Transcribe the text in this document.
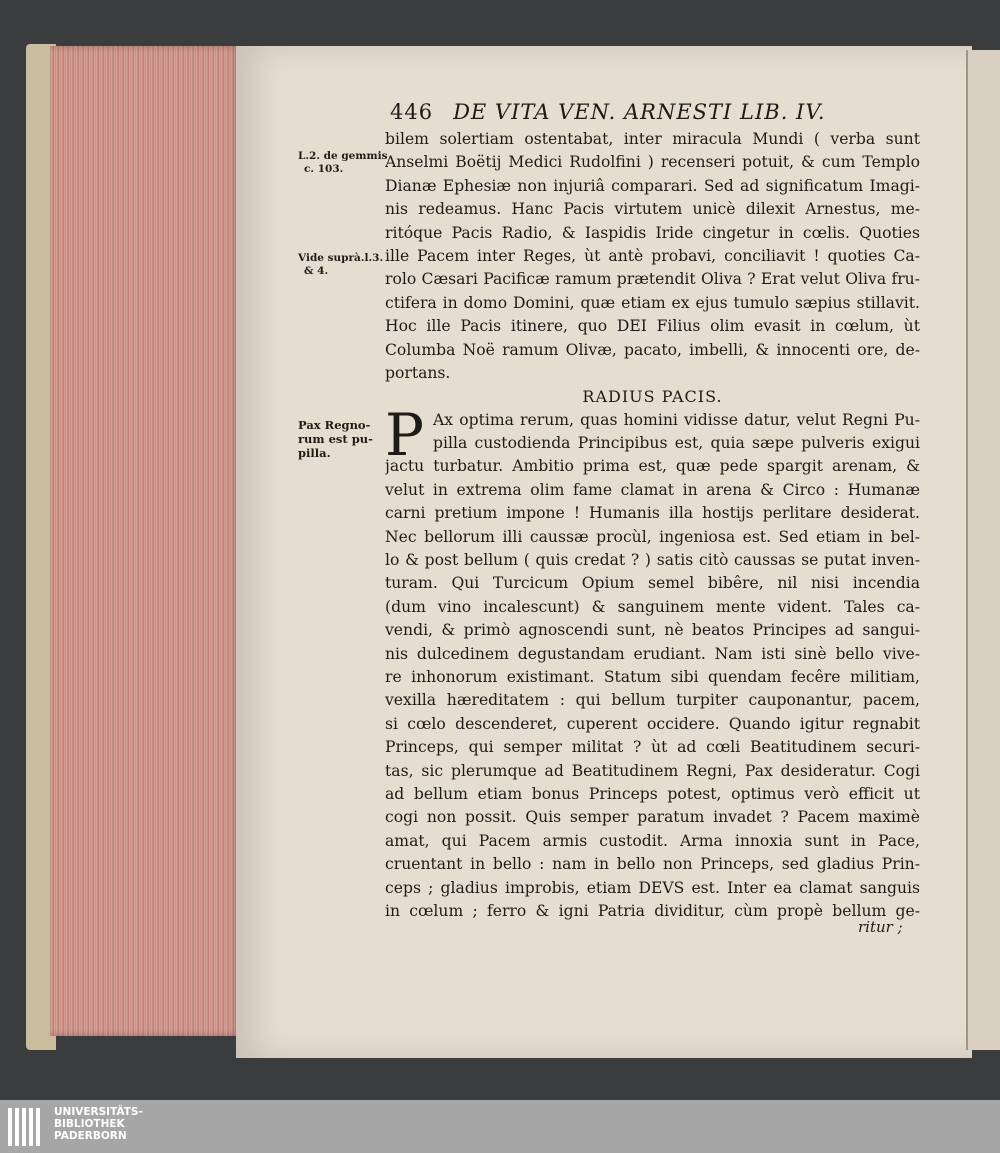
446 DE VITA VEN. ARNESTI LIB. IV.
L.2. de gemmis
c. 103.
Vide suprà.l.3.
& 4.
Pax Regno-
rum est pu-
pilla.
bilem solertiam ostentabat, inter miracula Mundi ( verba sunt
Anselmi Boëtij Medici Rudolfini ) recenseri potuit, & cum Templo
Dianæ Ephesiæ non injuriâ comparari. Sed ad significatum Imagi-
nis redeamus. Hanc Pacis virtutem unicè dilexit Arnestus, me-
ritóque Pacis Radio, & Iaspidis Iride cingetur in cœlis. Quoties
ille Pacem inter Reges, ùt antè probavi, conciliavit ! quoties Ca-
rolo Cæsari Pacificæ ramum prætendit Oliva ? Erat velut Oliva fru-
ctifera in domo Domini, quæ etiam ex ejus tumulo sæpius stillavit.
Hoc ille Pacis itinere, quo DEI Filius olim evasit in cœlum, ùt
Columba Noë ramum Olivæ, pacato, imbelli, & innocenti ore, de-
portans.
RADIUS PACIS.
P Ax optima rerum, quas homini vidisse datur, velut Regni Pu-
pilla custodienda Principibus est, quia sæpe pulveris exigui
jactu turbatur. Ambitio prima est, quæ pede spargit arenam, &
velut in extrema olim fame clamat in arena & Circo : Humanæ
carni pretium impone ! Humanis illa hostijs perlitare desiderat.
Nec bellorum illi caussæ procùl, ingeniosa est. Sed etiam in bel-
lo & post bellum ( quis credat ? ) satis citò caussas se putat inven-
turam. Qui Turcicum Opium semel bibêre, nil nisi incendia
(dum vino incalescunt) & sanguinem mente vident. Tales ca-
vendi, & primò agnoscendi sunt, nè beatos Principes ad sangui-
nis dulcedinem degustandam erudiant. Nam isti sinè bello vive-
re inhonorum existimant. Statum sibi quendam fecêre militiam,
vexilla hæreditatem : qui bellum turpiter cauponantur, pacem,
si cœlo descenderet, cuperent occidere. Quando igitur regnabit
Princeps, qui semper militat ? ùt ad cœli Beatitudinem securi-
tas, sic plerumque ad Beatitudinem Regni, Pax desideratur. Cogi
ad bellum etiam bonus Princeps potest, optimus verò efficit ut
cogi non possit. Quis semper paratum invadet ? Pacem maximè
amat, qui Pacem armis custodit. Arma innoxia sunt in Pace,
cruentant in bello : nam in bello non Princeps, sed gladius Prin-
ceps ; gladius improbis, etiam DEVS est. Inter ea clamat sanguis
in cœlum ; ferro & igni Patria dividitur, cùm propè bellum ge-
ritur ;
UNIVERSITÄTS-
BIBLIOTHEK
PADERBORN
